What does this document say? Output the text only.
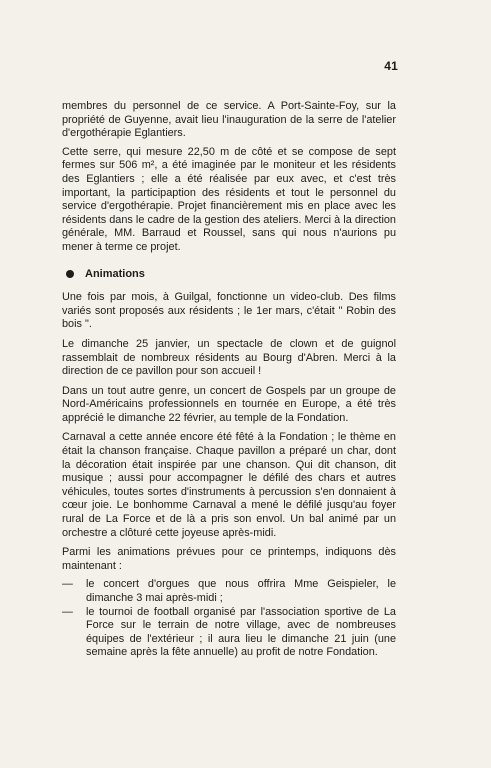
41

membres du personnel de ce service. A Port-Sainte-Foy, sur la propriété de Guyenne, avait lieu l'inauguration de la serre de l'atelier d'ergothérapie Eglantiers.

Cette serre, qui mesure 22,50 m de côté et se compose de sept fermes sur 506 m², a été imaginée par le moniteur et les résidents des Eglantiers ; elle a été réalisée par eux avec, et c'est très important, la participaption des résidents et tout le personnel du service d'ergothérapie. Projet financièrement mis en place avec les résidents dans le cadre de la gestion des ateliers. Merci à la direction générale, MM. Barraud et Roussel, sans qui nous n'aurions pu mener à terme ce projet.

Animations

Une fois par mois, à Guilgal, fonctionne un video-club. Des films variés sont proposés aux résidents ; le 1er mars, c'était " Robin des bois ".

Le dimanche 25 janvier, un spectacle de clown et de guignol rassemblait de nombreux résidents au Bourg d'Abren. Merci à la direction de ce pavillon pour son accueil !

Dans un tout autre genre, un concert de Gospels par un groupe de Nord-Américains professionnels en tournée en Europe, a été très apprécié le dimanche 22 février, au temple de la Fondation.

Carnaval a cette année encore été fêté à la Fondation ; le thème en était la chanson française. Chaque pavillon a préparé un char, dont la décoration était inspirée par une chanson. Qui dit chanson, dit musique ; aussi pour accompagner le défilé des chars et autres véhicules, toutes sortes d'instruments à percussion s'en donnaient à cœur joie. Le bonhomme Carnaval a mené le défilé jusqu'au foyer rural de La Force et de là a pris son envol. Un bal animé par un orchestre a clôturé cette joyeuse après-midi.

Parmi les animations prévues pour ce printemps, indiquons dès maintenant :

—	le concert d'orgues que nous offrira Mme Geispieler, le dimanche 3 mai après-midi ;
—	le tournoi de football organisé par l'association sportive de La Force sur le terrain de notre village, avec de nombreuses équipes de l'extérieur ; il aura lieu le dimanche 21 juin (une semaine après la fête annuelle) au profit de notre Fondation.
